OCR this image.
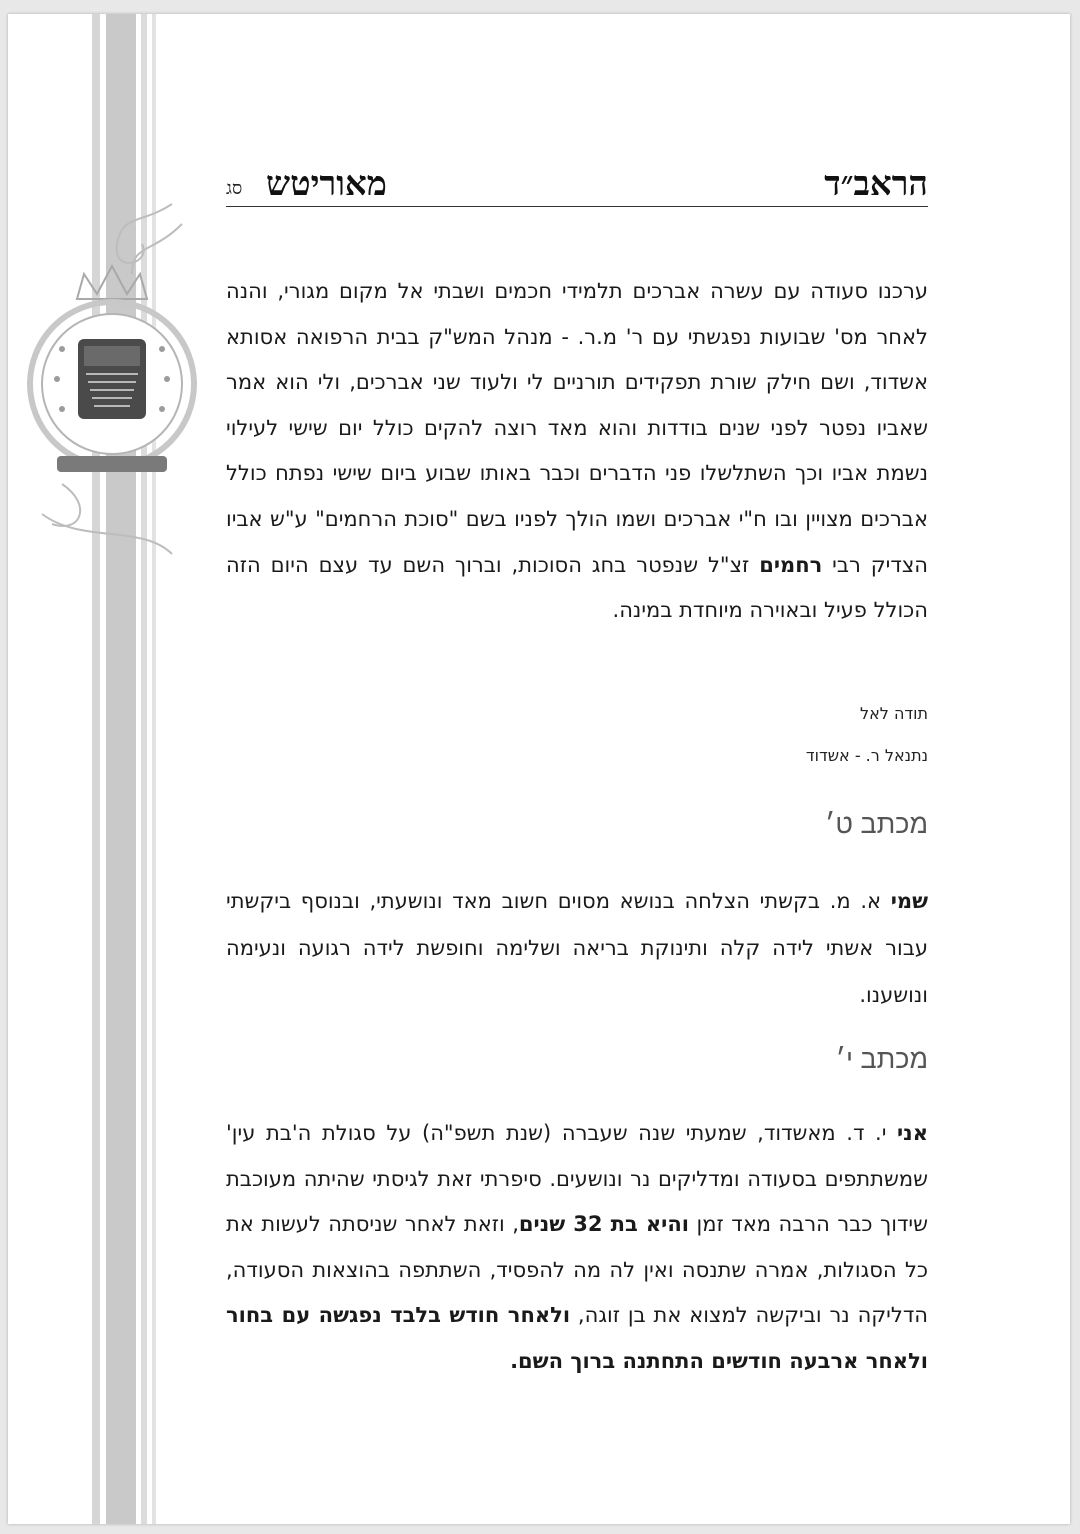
הראב״ד
מאוריטש
סג
ערכנו סעודה עם עשרה אברכים תלמידי חכמים ושבתי אל מקום מגורי, והנה לאחר מס' שבועות נפגשתי עם ר' מ.ר. - מנהל המש"ק בבית הרפואה אסותא אשדוד, ושם חילק שורת תפקידים תורניים לי ולעוד שני אברכים, ולי הוא אמר שאביו נפטר לפני שנים בודדות והוא מאד רוצה להקים כולל יום שישי לעילוי נשמת אביו וכך השתלשלו פני הדברים וכבר באותו שבוע ביום שישי נפתח כולל אברכים מצויין ובו ח"י אברכים ושמו הולך לפניו בשם "סוכת הרחמים" ע"ש אביו הצדיק רבי רחמים זצ"ל שנפטר בחג הסוכות, וברוך השם עד עצם היום הזה הכולל פעיל ובאוירה מיוחדת במינה.
תודה לאל
נתנאל ר. - אשדוד
מכתב ט׳
שמי א. מ. בקשתי הצלחה בנושא מסוים חשוב מאד ונושעתי, ובנוסף ביקשתי עבור אשתי לידה קלה ותינוקת בריאה ושלימה וחופשת לידה רגועה ונעימה ונושענו.
מכתב י׳
אני י. ד. מאשדוד, שמעתי שנה שעברה (שנת תשפ"ה) על סגולת ה'בת עין' שמשתתפים בסעודה ומדליקים נר ונושעים. סיפרתי זאת לגיסתי שהיתה מעוכבת שידוך כבר הרבה מאד זמן והיא בת 32 שנים, וזאת לאחר שניסתה לעשות את כל הסגולות, אמרה שתנסה ואין לה מה להפסיד, השתתפה בהוצאות הסעודה, הדליקה נר וביקשה למצוא את בן זוגה, ולאחר חודש בלבד נפגשה עם בחור ולאחר ארבעה חודשים התחתנה ברוך השם.
